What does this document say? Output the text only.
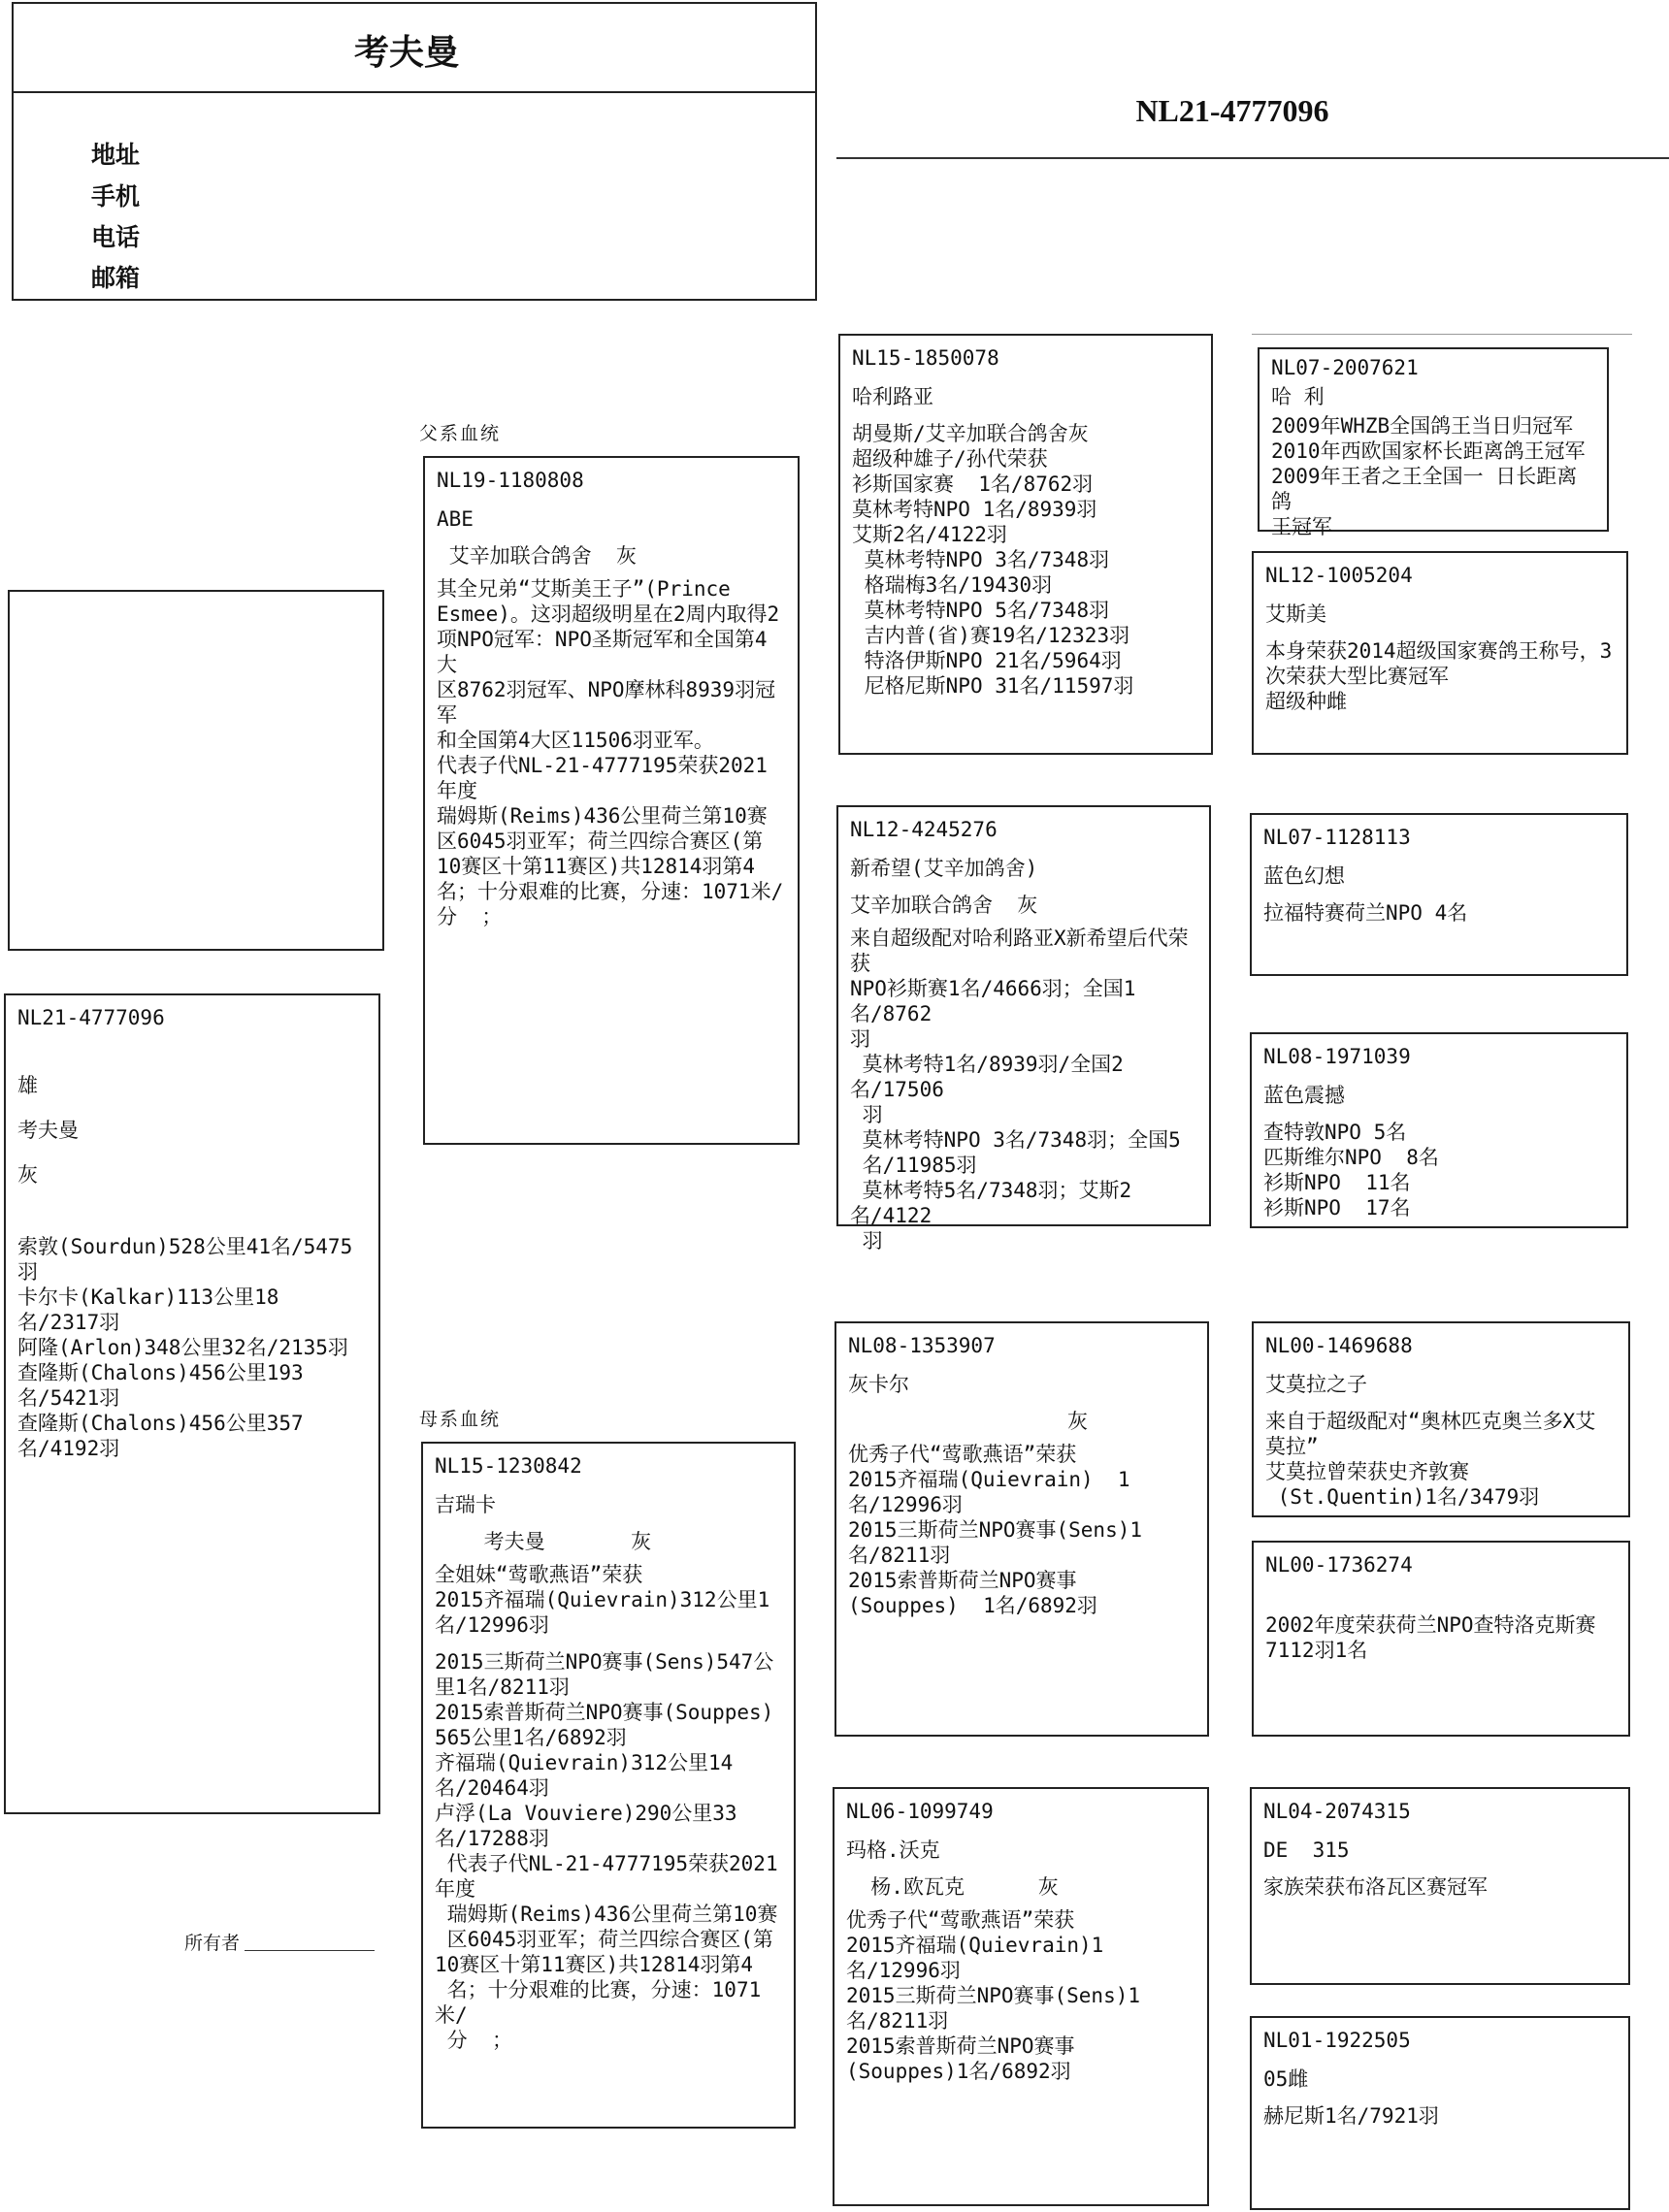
考夫曼
地址
手机
电话
邮箱
NL21-4777096
NL21-4777096
雄
考夫曼
灰
索敦(Sourdun)528公里41名/5475
羽
卡尔卡(Kalkar)113公里18
名/2317羽
阿隆(Arlon)348公里32名/2135羽
查隆斯(Chalons)456公里193
名/5421羽
查隆斯(Chalons)456公里357
名/4192羽
所有者
父系血统
母系血统
NL19-1180808
ABE
艾辛加联合鸽舍  灰
其全兄弟“艾斯美王子”(Prince
Esmee)。这羽超级明星在2周内取得2
项NPO冠军：NPO圣斯冠军和全国第4大
区8762羽冠军、NPO摩林科8939羽冠军
和全国第4大区11506羽亚军。
代表子代NL-21-4777195荣获2021年度
瑞姆斯(Reims)436公里荷兰第10赛
区6045羽亚军；荷兰四综合赛区(第
10赛区十第11赛区)共12814羽第4
名；十分艰难的比赛，分速：1071米/
分  ；
NL15-1230842
吉瑞卡
考夫曼       灰
全姐妹“莺歌燕语”荣获
2015齐福瑞(Quievrain)312公里1
名/12996羽
2015三斯荷兰NPO赛事(Sens)547公
里1名/8211羽
2015索普斯荷兰NPO赛事(Souppes)
565公里1名/6892羽
齐福瑞(Quievrain)312公里14
名/20464羽
卢浮(La Vouviere)290公里33
名/17288羽
代表子代NL-21-4777195荣获2021年度
瑞姆斯(Reims)436公里荷兰第10赛
区6045羽亚军；荷兰四综合赛区(第
10赛区十第11赛区)共12814羽第4
名；十分艰难的比赛，分速：1071米/
分  ；
NL15-1850078
哈利路亚
胡曼斯/艾辛加联合鸽舍灰
超级种雄子/孙代荣获
衫斯国家赛  1名/8762羽
莫林考特NPO 1名/8939羽
艾斯2名/4122羽
莫林考特NPO 3名/7348羽
格瑞梅3名/19430羽
莫林考特NPO 5名/7348羽
吉内普(省)赛19名/12323羽
特洛伊斯NPO 21名/5964羽
尼格尼斯NPO 31名/11597羽
NL12-4245276
新希望(艾辛加鸽舍)
艾辛加联合鸽舍  灰
来自超级配对哈利路亚X新希望后代荣
获
NPO衫斯赛1名/4666羽；全国1名/8762
羽
莫林考特1名/8939羽/全国2名/17506
羽
莫林考特NPO 3名/7348羽；全国5
名/11985羽
莫林考特5名/7348羽；艾斯2名/4122
羽
NL08-1353907
灰卡尔
灰
优秀子代“莺歌燕语”荣获
2015齐福瑞(Quievrain)  1
名/12996羽
2015三斯荷兰NPO赛事(Sens)1
名/8211羽
2015索普斯荷兰NPO赛事
(Souppes)  1名/6892羽
NL06-1099749
玛格.沃克
杨.欧瓦克      灰
优秀子代“莺歌燕语”荣获
2015齐福瑞(Quievrain)1
名/12996羽
2015三斯荷兰NPO赛事(Sens)1
名/8211羽
2015索普斯荷兰NPO赛事
(Souppes)1名/6892羽
NL07-2007621
哈 利
2009年WHZB全国鸽王当日归冠军
2010年西欧国家杯长距离鸽王冠军
2009年王者之王全国一 日长距离鸽
王冠军
NL12-1005204
艾斯美
本身荣获2014超级国家赛鸽王称号，3
次荣获大型比赛冠军
超级种雌
NL07-1128113
蓝色幻想
拉福特赛荷兰NPO 4名
NL08-1971039
蓝色震撼
查特敦NPO 5名
匹斯维尔NPO  8名
衫斯NPO  11名
衫斯NPO  17名
NL00-1469688
艾莫拉之子
来自于超级配对“奥林匹克奥兰多X艾
莫拉”
艾莫拉曾荣获史齐敦赛
(St.Quentin)1名/3479羽
NL00-1736274
2002年度荣获荷兰NPO查特洛克斯赛
7112羽1名
NL04-2074315
DE  315
家族荣获布洛瓦区赛冠军
NL01-1922505
05雌
赫尼斯1名/7921羽
